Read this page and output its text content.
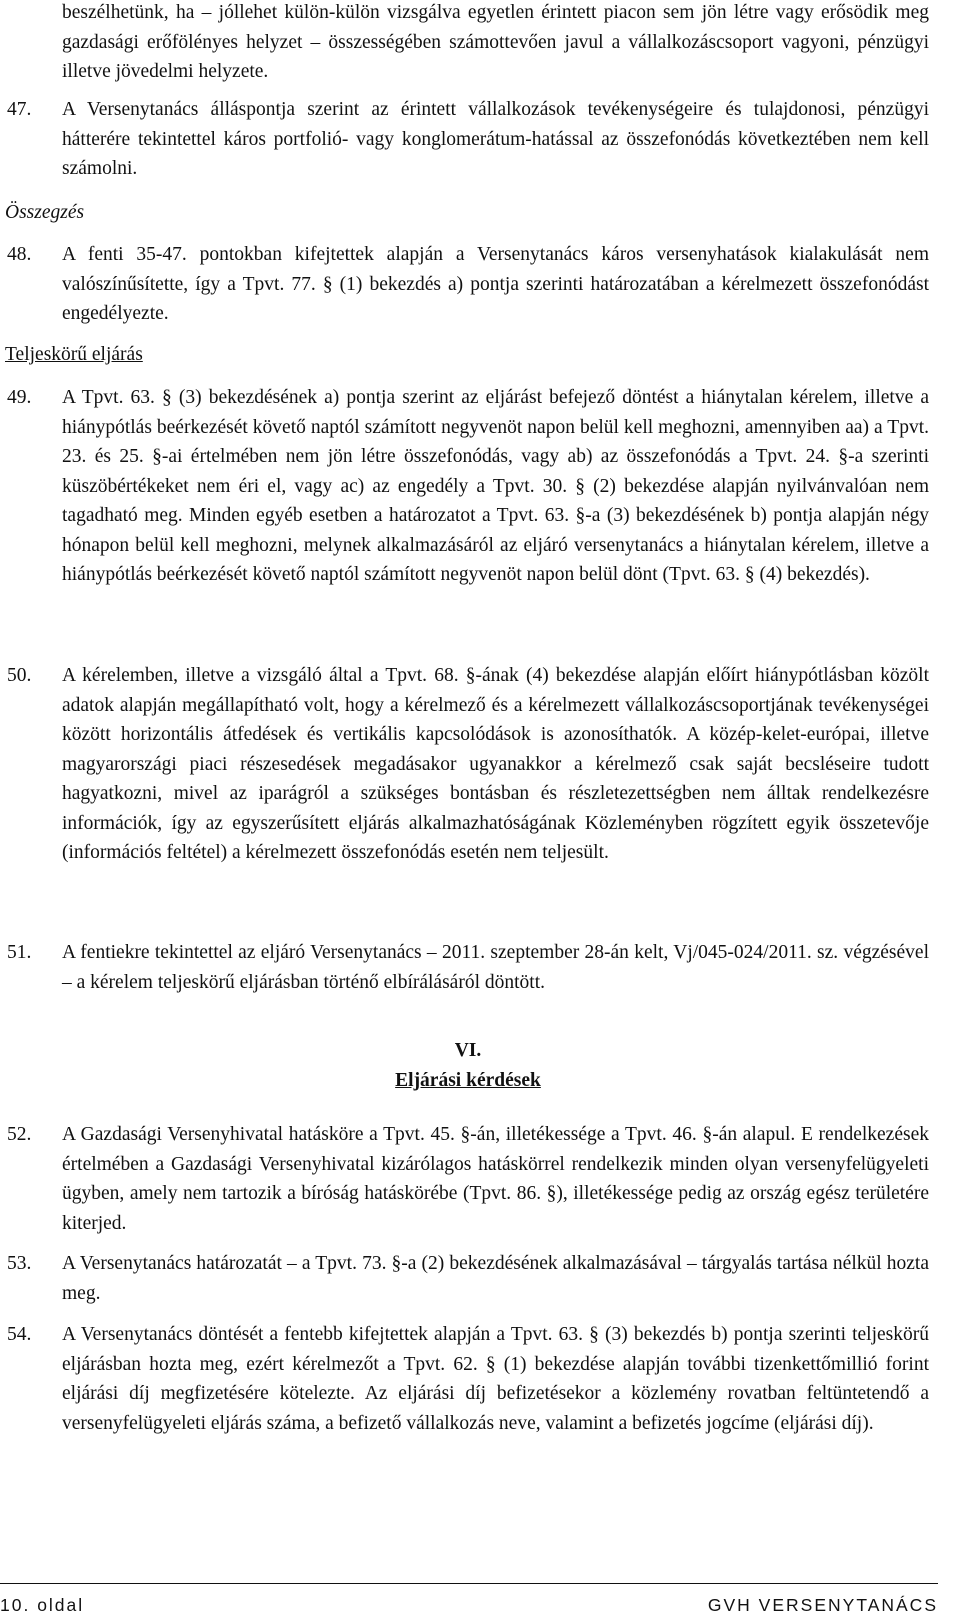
beszélhetünk, ha – jóllehet külön-külön vizsgálva egyetlen érintett piacon sem jön létre vagy erősödik meg gazdasági erőfölényes helyzet – összességében számottevően javul a vállalkozáscsoport vagyoni, pénzügyi illetve jövedelmi helyzete.

47.	A Versenytanács álláspontja szerint az érintett vállalkozások tevékenységeire és tulajdonosi, pénzügyi hátterére tekintettel káros portfolió- vagy konglomerátum-hatással az összefonódás következtében nem kell számolni.

Összegzés

48.	A fenti 35-47. pontokban kifejtettek alapján a Versenytanács káros versenyhatások kialakulását nem valószínűsítette, így a Tpvt. 77. § (1) bekezdés a) pontja szerinti határozatában a kérelmezett összefonódást engedélyezte.

Teljeskörű eljárás

49.	A Tpvt. 63. § (3) bekezdésének a) pontja szerint az eljárást befejező döntést a hiánytalan kérelem, illetve a hiánypótlás beérkezését követő naptól számított negyvenöt napon belül kell meghozni, amennyiben aa) a Tpvt. 23. és 25. §-ai értelmében nem jön létre összefonódás, vagy ab) az összefonódás a Tpvt. 24. §-a szerinti küszöbértékeket nem éri el, vagy ac) az engedély a Tpvt. 30. § (2) bekezdése alapján nyilvánvalóan nem tagadható meg. Minden egyéb esetben a határozatot a Tpvt. 63. §-a (3) bekezdésének b) pontja alapján négy hónapon belül kell meghozni, melynek alkalmazásáról az eljáró versenytanács a hiánytalan kérelem, illetve a hiánypótlás beérkezését követő naptól számított negyvenöt napon belül dönt (Tpvt. 63. § (4) bekezdés).
50.	A kérelemben, illetve a vizsgáló által a Tpvt. 68. §-ának (4) bekezdése alapján előírt hiánypótlásban közölt adatok alapján megállapítható volt, hogy a kérelmező és a kérelmezett vállalkozáscsoportjának tevékenységei között horizontális átfedések és vertikális kapcsolódások is azonosíthatók. A közép-kelet-európai, illetve magyarországi piaci részesedések megadásakor ugyanakkor a kérelmező csak saját becsléseire tudott hagyatkozni, mivel az iparágról a szükséges bontásban és részletezettségben nem álltak rendelkezésre információk, így az egyszerűsített eljárás alkalmazhatóságának Közleményben rögzített egyik összetevője (információs feltétel) a kérelmezett összefonódás esetén nem teljesült.
51.	A fentiekre tekintettel az eljáró Versenytanács – 2011. szeptember 28-án kelt, Vj/045-024/2011. sz. végzésével – a kérelem teljeskörű eljárásban történő elbírálásáról döntött.

VI.

Eljárási kérdések

52.	A Gazdasági Versenyhivatal hatásköre a Tpvt. 45. §-án, illetékessége a Tpvt. 46. §-án alapul. E rendelkezések értelmében a Gazdasági Versenyhivatal kizárólagos hatáskörrel rendelkezik minden olyan versenyfelügyeleti ügyben, amely nem tartozik a bíróság hatáskörébe (Tpvt. 86. §), illetékessége pedig az ország egész területére kiterjed.
53.	A Versenytanács határozatát – a Tpvt. 73. §-a (2) bekezdésének alkalmazásával – tárgyalás tartása nélkül hozta meg.
54.	A Versenytanács döntését a fentebb kifejtettek alapján a Tpvt. 63. § (3) bekezdés b) pontja szerinti teljeskörű eljárásban hozta meg, ezért kérelmezőt a Tpvt. 62. § (1) bekezdése alapján további tizenkettőmillió forint eljárási díj megfizetésére kötelezte. Az eljárási díj befizetésekor a közlemény rovatban feltüntetendő a versenyfelügyeleti eljárás száma, a befizető vállalkozás neve, valamint a befizetés jogcíme (eljárási díj).
10. oldal	GVH VERSENYTANÁCS
